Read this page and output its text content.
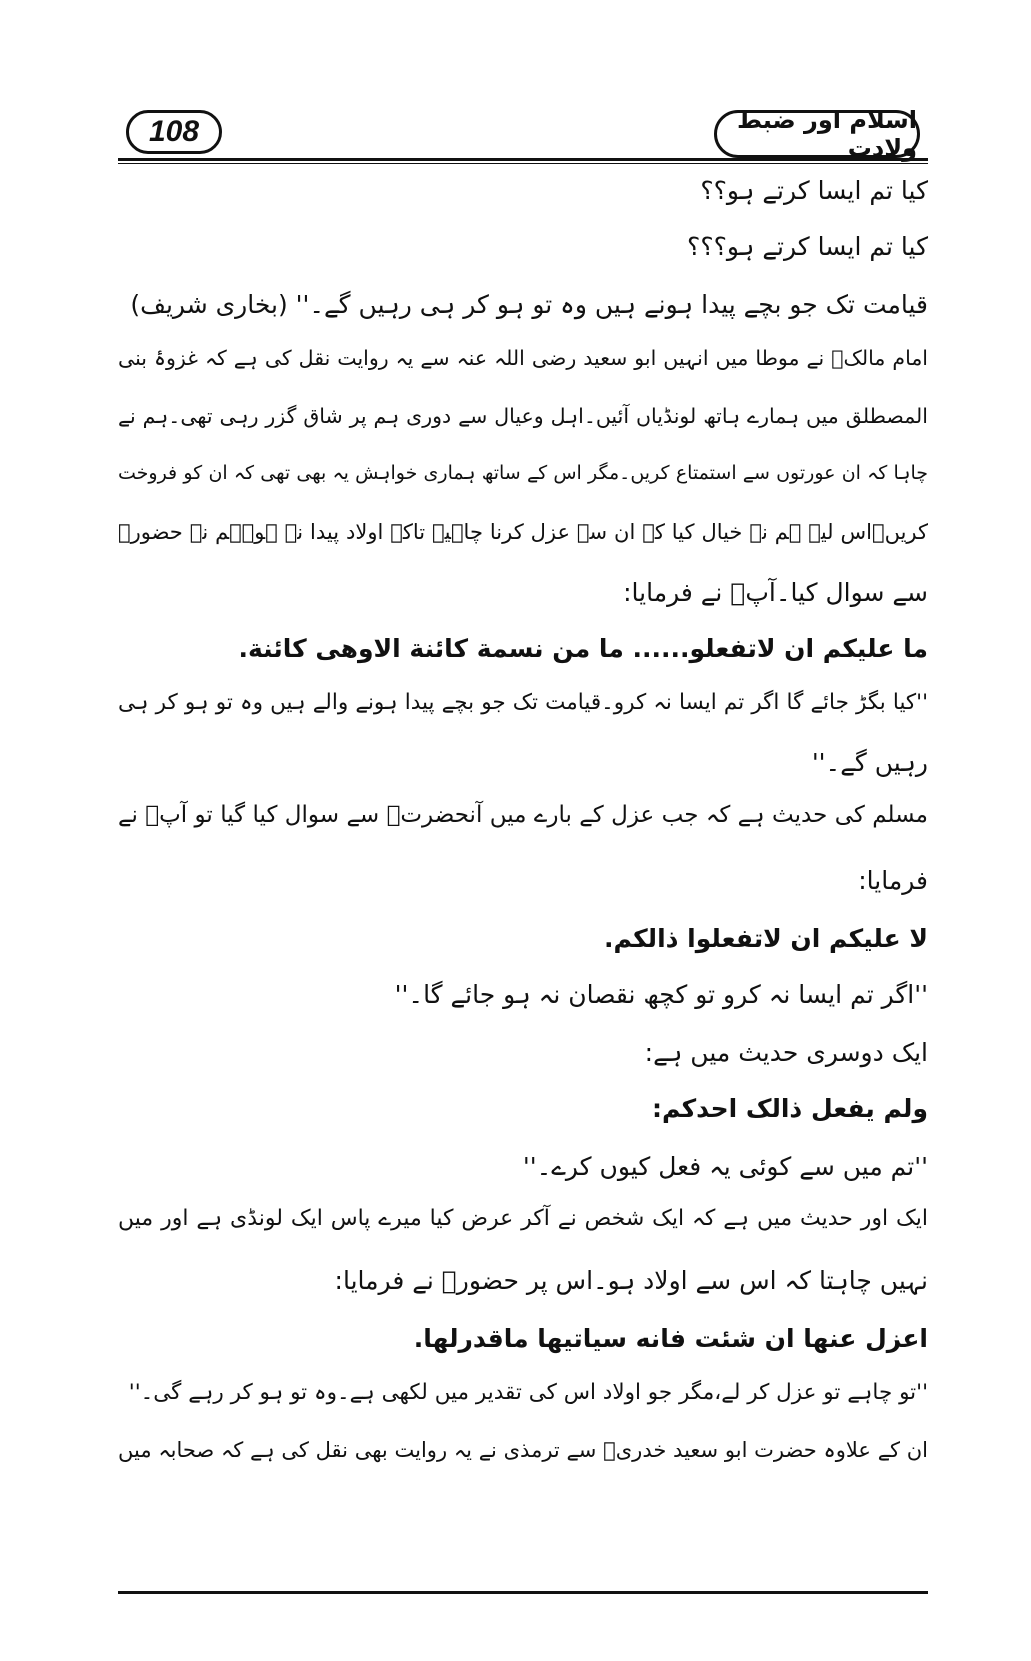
108	اسلام اور ضبط ولادت
کیا تم ایسا کرتے ہو؟؟
کیا تم ایسا کرتے ہو؟؟؟
قیامت تک جو بچے پیدا ہونے ہیں وہ تو ہو کر ہی رہیں گے۔'' (بخاری شریف)
امام مالکؒ نے موطا میں انہیں ابو سعید رضی اللہ عنہ سے یہ روایت نقل کی ہے کہ غزوۂ بنی
المصطلق میں ہمارے ہاتھ لونڈیاں آئیں۔اہل وعیال سے دوری ہم پر شاق گزر رہی تھی۔ہم نے
چاہا کہ ان عورتوں سے استمتاع کریں۔مگر اس کے ساتھ ہماری خواہش یہ بھی تھی کہ ان کو فروخت
کریں۔اس لیے ہم نے خیال کیا کہ ان سے عزل کرنا چاہیے تاکہ اولاد پیدا نہ ہو۔ہم نے حضورؐ
سے سوال کیا۔آپؐ نے فرمایا:
ما علیکم ان لاتفعلو...... ما من نسمة کائنة الاوھی کائنة.
''کیا بگڑ جائے گا اگر تم ایسا نہ کرو۔قیامت تک جو بچے پیدا ہونے والے ہیں وہ تو ہو کر ہی
رہیں گے۔''
مسلم کی حدیث ہے کہ جب عزل کے بارے میں آنحضرتؐ سے سوال کیا گیا تو آپؐ نے
فرمایا:
لا علیکم ان لاتفعلوا ذالکم.
''اگر تم ایسا نہ کرو تو کچھ نقصان نہ ہو جائے گا۔''
ایک دوسری حدیث میں ہے:
ولم یفعل ذالک احدکم:
''تم میں سے کوئی یہ فعل کیوں کرے۔''
ایک اور حدیث میں ہے کہ ایک شخص نے آکر عرض کیا میرے پاس ایک لونڈی ہے اور میں
نہیں چاہتا کہ اس سے اولاد ہو۔اس پر حضورؐ نے فرمایا:
اعزل عنھا ان شئت فانه سیاتیھا ماقدرلھا.
''تو چاہے تو عزل کر لے،مگر جو اولاد اس کی تقدیر میں لکھی ہے۔وہ تو ہو کر رہے گی۔''
ان کے علاوہ حضرت ابو سعید خدریؓ سے ترمذی نے یہ روایت بھی نقل کی ہے کہ صحابہ میں
